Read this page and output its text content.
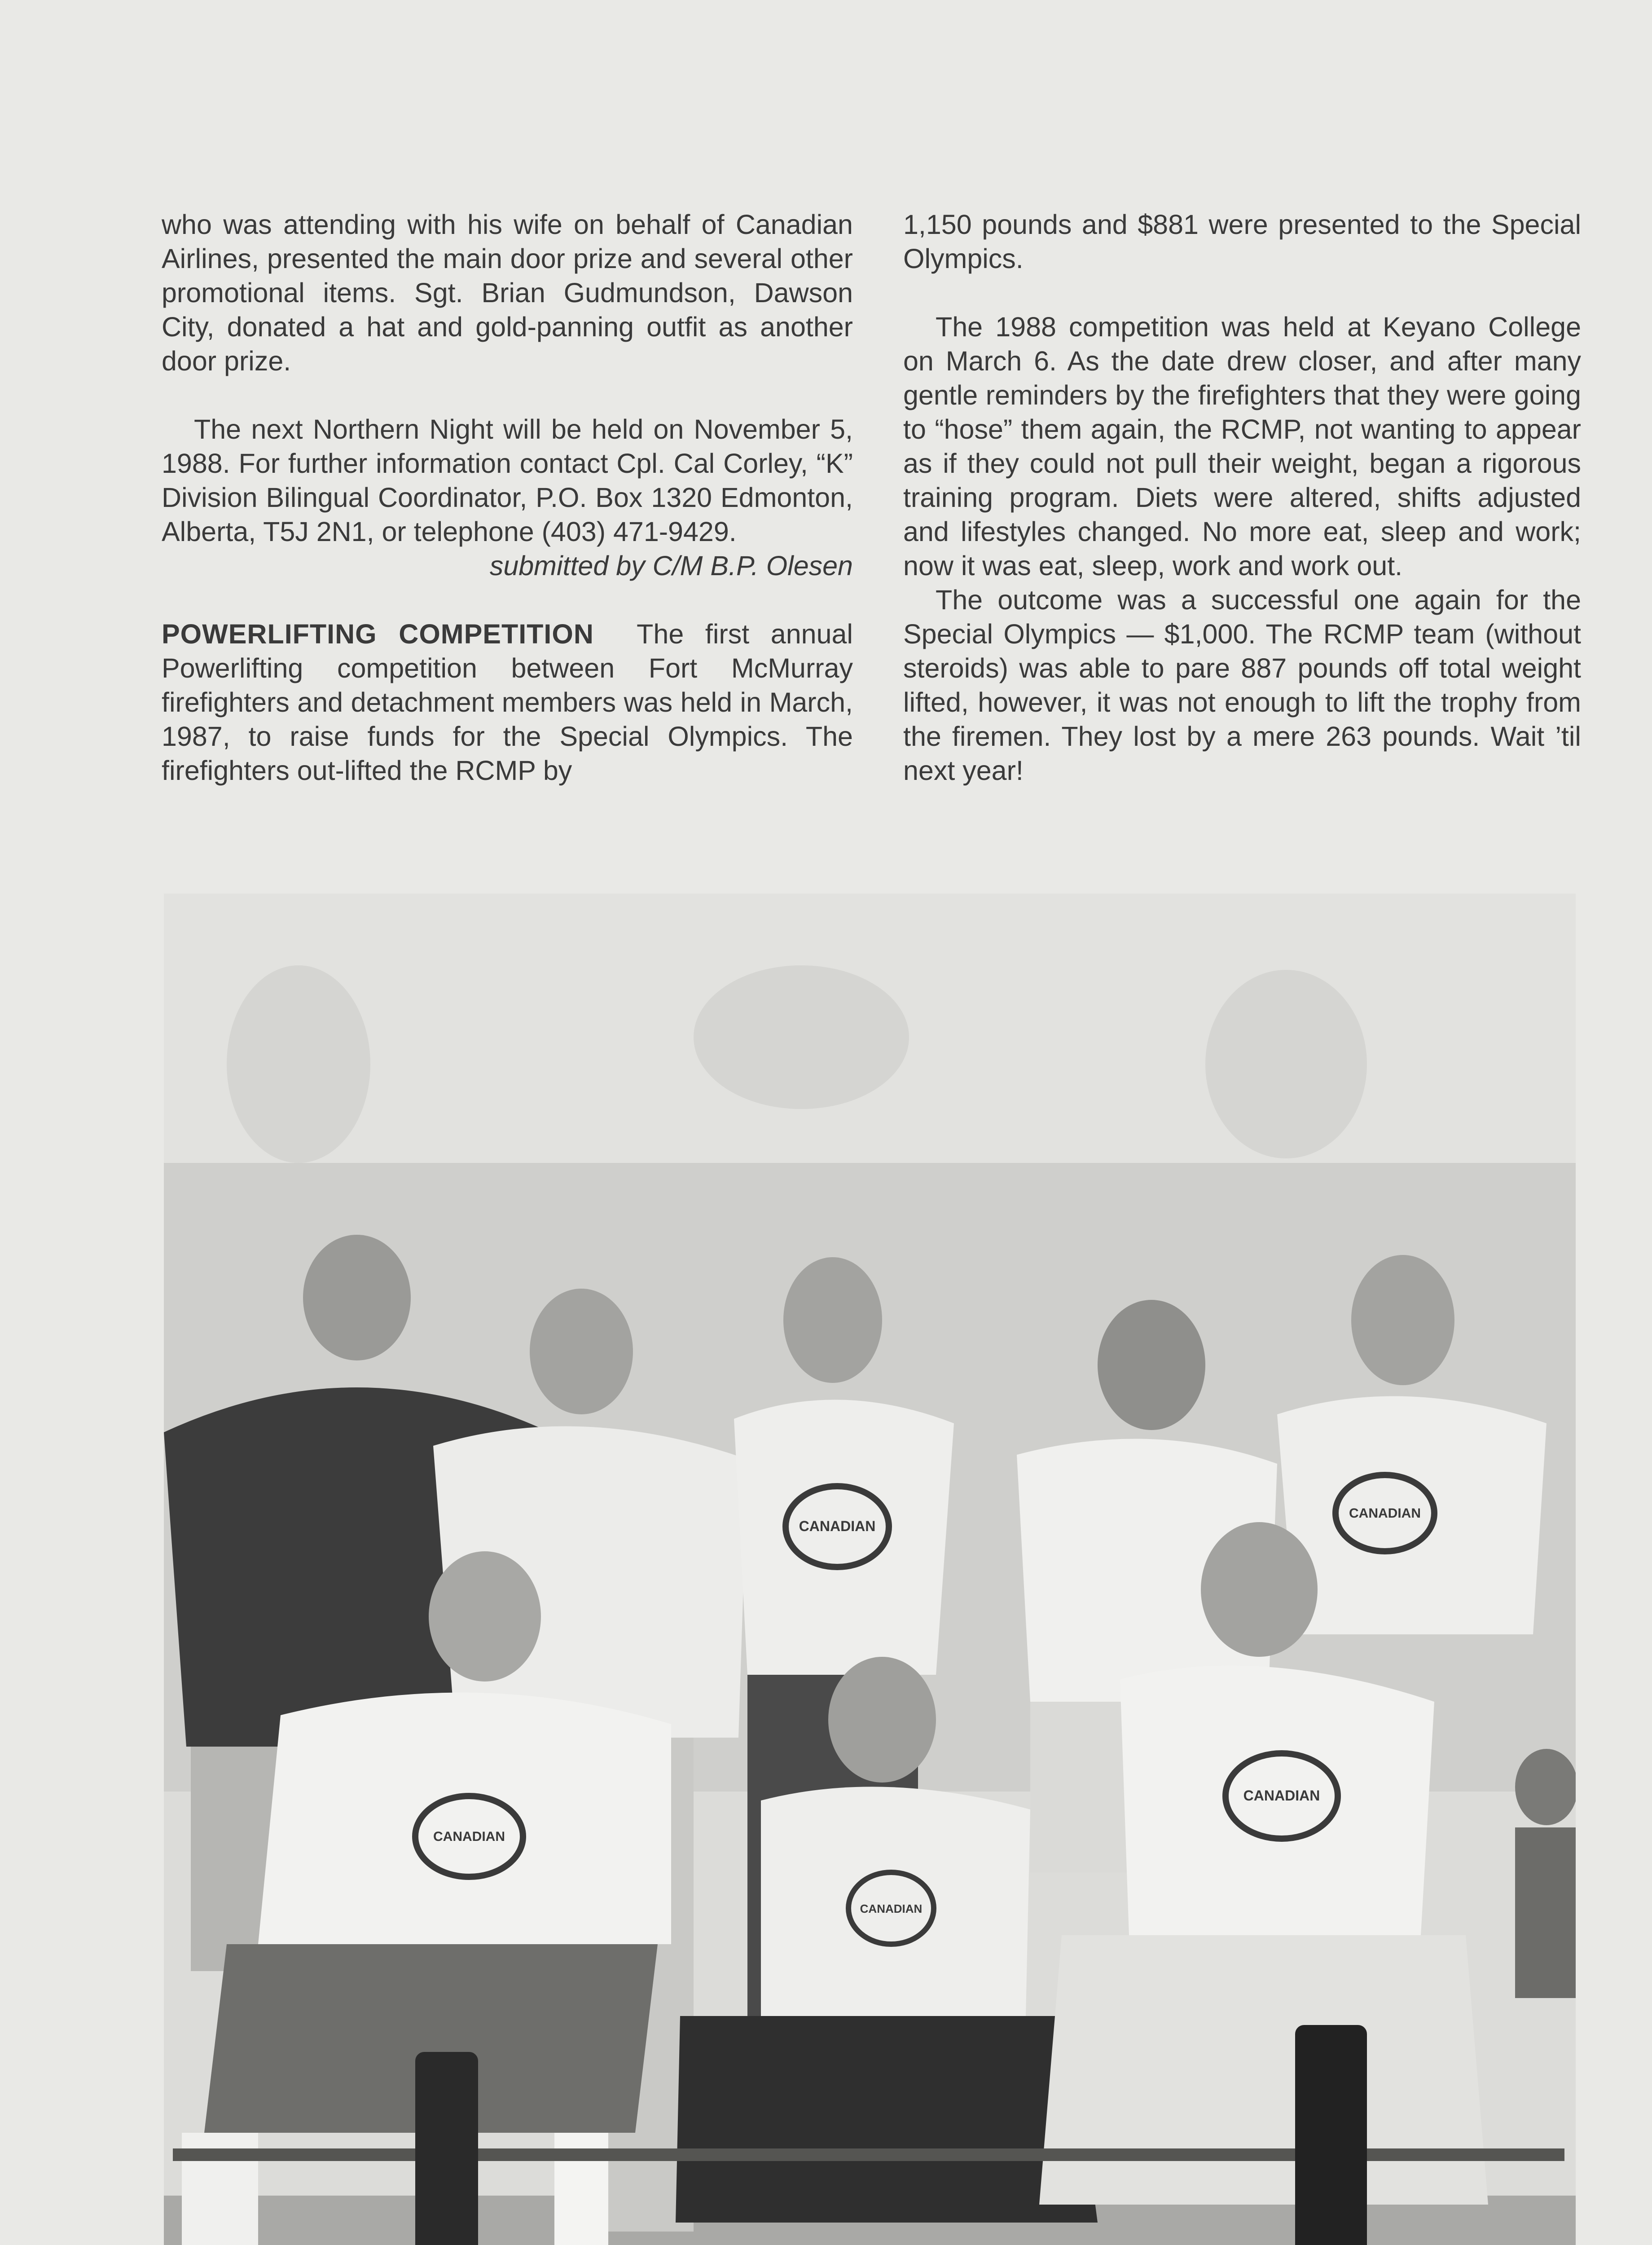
who was attending with his wife on behalf of Canadian Airlines, presented the main door prize and several other promotional items. Sgt. Brian Gudmundson, Dawson City, donated a hat and gold-panning outfit as another door prize.

The next Northern Night will be held on November 5, 1988. For further information contact Cpl. Cal Corley, “K” Division Bilingual Coordinator, P.O. Box 1320 Edmonton, Alberta, T5J 2N1, or telephone (403) 471-9429.

submitted by C/M B.P. Olesen

POWERLIFTING COMPETITION The first annual Powerlifting competition between Fort McMurray firefighters and detachment members was held in March, 1987, to raise funds for the Special Olympics. The firefighters out-lifted the RCMP by

1,150 pounds and $881 were presented to the Special Olympics.

The 1988 competition was held at Keyano College on March 6. As the date drew closer, and after many gentle reminders by the firefighters that they were going to “hose” them again, the RCMP, not wanting to appear as if they could not pull their weight, began a rigorous training program. Diets were altered, shifts adjusted and lifestyles changed. No more eat, sleep and work; now it was eat, sleep, work and work out.

The outcome was a successful one again for the Special Olympics — $1,000. The RCMP team (without steroids) was able to pare 887 pounds off total weight lifted, however, it was not enough to lift the trophy from the firemen. They lost by a mere 263 pounds. Wait ’til next year!

CANADIAN
CANADIAN
CANADIAN
CANADIAN
CANADIAN
